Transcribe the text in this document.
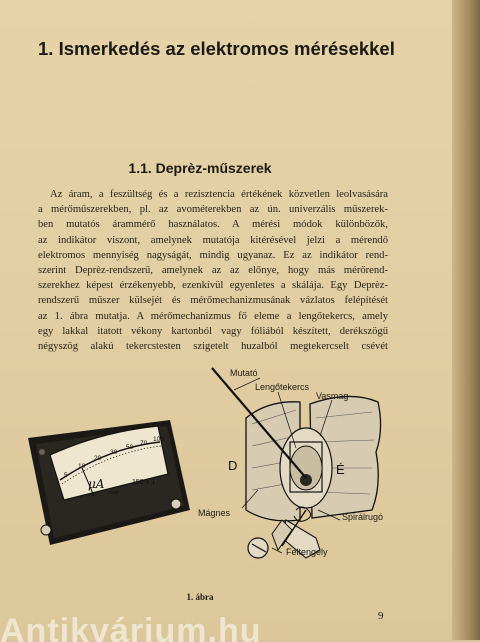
1. Ismerkedés az elektromos mérésekkel
1.1. Deprèz-műszerek
Az áram, a feszültség és a rezisztencia értékének közvetlen leolvasására
a mérőműszerekben, pl. az avométerekben az ún. univerzális műszerek-
ben mutatós árammérő használatos. A mérési módok különbözők,
az indikátor viszont, amelynek mutatója kitérésével jelzi a mérendő
elektromos mennyiség nagyságát, mindig ugyanaz. Ez az indikátor rend-
szerint Deprèz-rendszerű, amelynek az az előnye, hogy más mérőrend-
szerekhez képest érzékenyebb, ezenkívül egyenletes a skálája. Egy Deprèz-
rendszerű műszer külsejét és mérőmechanizmusának vázlatos felépítését
az 1. ábra mutatja. A mérőmechanizmus fő eleme a lengőtekercs, amely
egy lakkal itatott vékony kartonból vagy fóliából készített, derékszögű
négyszög alakú tekercstesten szigetelt huzalból megtekercselt csévét
5
10
20
30
50
70
100
μA	150 ± 1
Y868
D	É
Mutató
Lengőtekercs
Vasmag
Mágnes	Spirálrugó
Féltengely
1. ábra
9
Antikvárium.hu
